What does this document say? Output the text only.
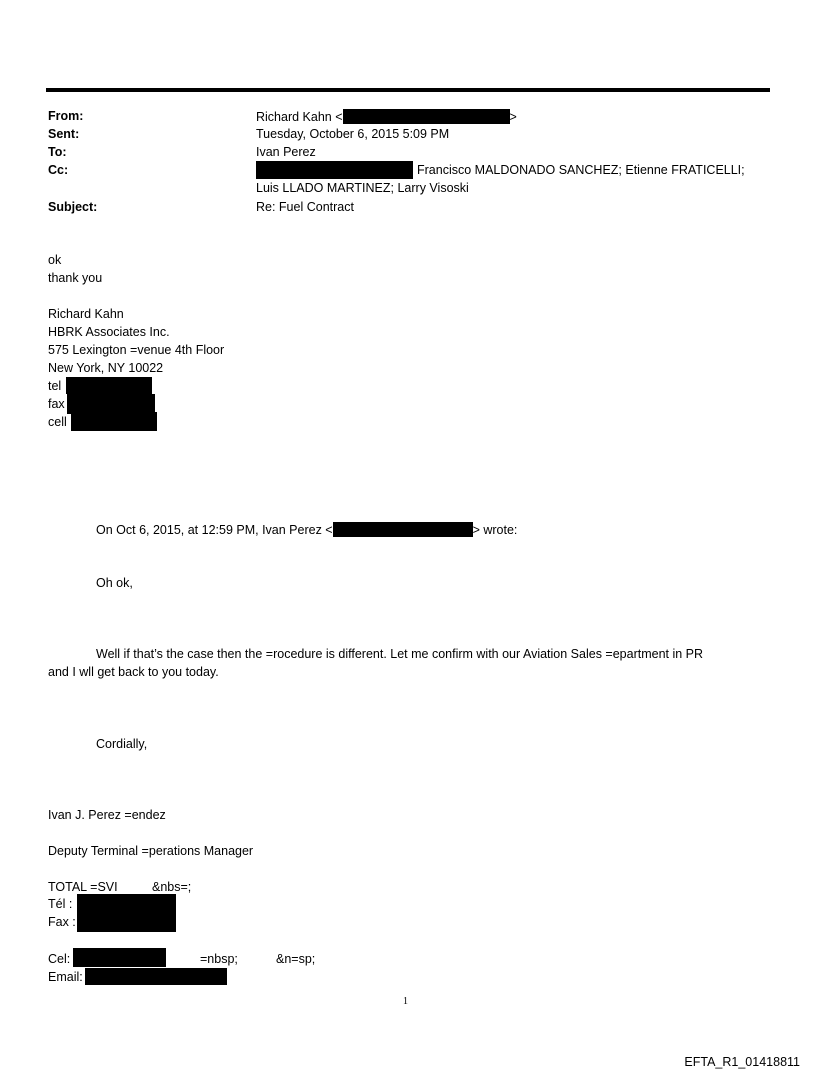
From:	Richard Kahn <	>
Sent:	Tuesday, October 6, 2015 5:09 PM
To:	Ivan Perez
Cc:	Francisco MALDONADO SANCHEZ; Etienne FRATICELLI;
Luis LLADO MARTINEZ; Larry Visoski
Subject:	Re: Fuel Contract
ok
thank you
Richard Kahn
HBRK Associates Inc.
575 Lexington =venue 4th Floor
New York, NY 10022
tel
fax
cell
On Oct 6, 2015, at 12:59 PM, Ivan Perez <	> wrote:
Oh ok,
Well if that’s the case then the =rocedure is different. Let me confirm with our Aviation Sales =epartment in PR
and I wll get back to you today.
Cordially,
Ivan J. Perez =endez
Deputy Terminal =perations Manager
TOTAL =SVI	&nbs=;
Tél :
Fax :
Cel:	=nbsp;	&n=sp;
Email:
1
EFTA_R1_01418811
